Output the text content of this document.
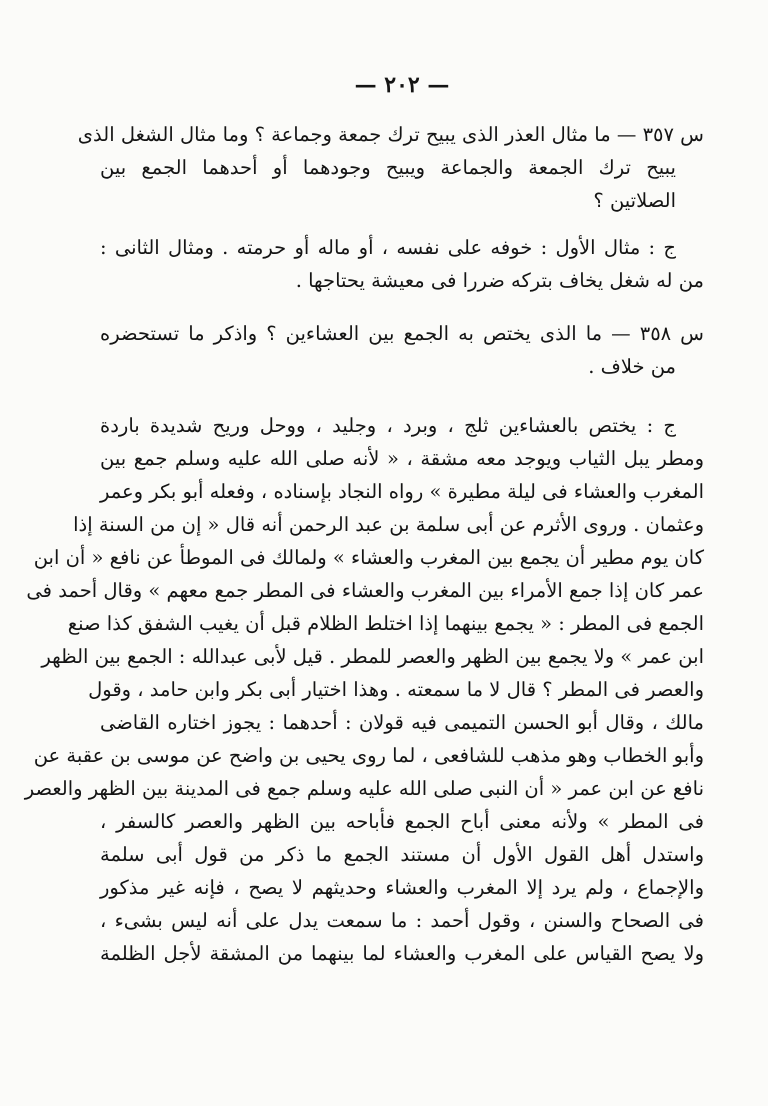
— ٢٠٢ —
س ٣٥٧ — ما مثال العذر الذى يبيح ترك جمعة وجماعة ؟ وما مثال الشغل الذى
يبيح ترك الجمعة والجماعة ويبيح وجودهما أو أحدهما الجمع بين
الصلاتين ؟
ج : مثال الأول : خوفه على نفسه ، أو ماله أو حرمته . ومثال الثانى :
من له شغل يخاف بتركه ضررا فى معيشة يحتاجها .
س ٣٥٨ — ما الذى يختص به الجمع بين العشاءين ؟ واذكر ما تستحضره
من خلاف .
ج : يختص بالعشاءين ثلج ، وبرد ، وجليد ، ووحل وريح شديدة باردة
ومطر يبل الثياب ويوجد معه مشقة ، « لأنه صلى الله عليه وسلم جمع بين
المغرب والعشاء فى ليلة مطيرة » رواه النجاد بإسناده ، وفعله أبو بكر وعمر
وعثمان . وروى الأثرم عن أبى سلمة بن عبد الرحمن أنه قال « إن من السنة إذا
كان يوم مطير أن يجمع بين المغرب والعشاء » ولمالك فى الموطأ عن نافع « أن ابن
عمر كان إذا جمع الأمراء بين المغرب والعشاء فى المطر جمع معهم » وقال أحمد فى
الجمع فى المطر : « يجمع بينهما إذا اختلط الظلام قبل أن يغيب الشفق كذا صنع
ابن عمر » ولا يجمع بين الظهر والعصر للمطر . قيل لأبى عبدالله : الجمع بين الظهر
والعصر فى المطر ؟ قال لا ما سمعته . وهذا اختيار أبى بكر وابن حامد ، وقول
مالك ، وقال أبو الحسن التميمى فيه قولان : أحدهما : يجوز اختاره القاضى
وأبو الخطاب وهو مذهب للشافعى ، لما روى يحيى بن واضح عن موسى بن عقبة عن
نافع عن ابن عمر « أن النبى صلى الله عليه وسلم جمع فى المدينة بين الظهر والعصر
فى المطر » ولأنه معنى أباح الجمع فأباحه بين الظهر والعصر كالسفر ،
واستدل أهل القول الأول أن مستند الجمع ما ذكر من قول أبى سلمة
والإجماع ، ولم يرد إلا المغرب والعشاء وحديثهم لا يصح ، فإنه غير مذكور
فى الصحاح والسنن ، وقول أحمد : ما سمعت يدل على أنه ليس بشىء ،
ولا يصح القياس على المغرب والعشاء لما بينهما من المشقة لأجل الظلمة
